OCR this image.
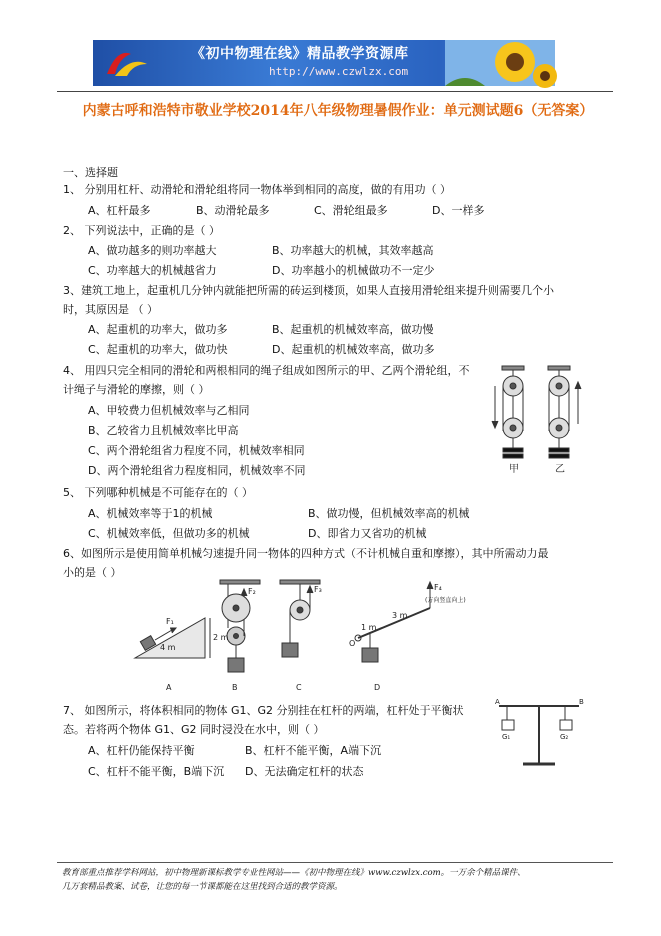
《初中物理在线》精品教学资源库
http://www.czwlzx.com
内蒙古呼和浩特市敬业学校2014年八年级物理暑假作业：单元测试题6（无答案）
一、选择题
1、 分别用杠杆、动滑轮和滑轮组将同一物体举到相同的高度，做的有用功（ ）
A、杠杆最多	B、动滑轮最多	C、滑轮组最多	D、一样多
2、 下列说法中，正确的是（ ）
A、做功越多的则功率越大	B、功率越大的机械，其效率越高
C、功率越大的机械越省力	D、功率越小的机械做功不一定少
3、建筑工地上，起重机几分钟内就能把所需的砖运到楼顶，如果人直接用滑轮组来提升则需要几个小
时，其原因是 （ ）
A、起重机的功率大，做功多	B、起重机的机械效率高，做功慢
C、起重机的功率大，做功快	D、起重机的机械效率高，做功多
4、 用四只完全相同的滑轮和两根相同的绳子组成如图所示的甲、乙两个滑轮组，不
计绳子与滑轮的摩擦，则（ ）
A、甲较费力但机械效率与乙相同
B、乙较省力且机械效率比甲高
C、两个滑轮组省力程度不同，机械效率相同
D、两个滑轮组省力程度相同，机械效率不同	甲	乙
5、 下列哪种机械是不可能存在的（ ）
A、机械效率等于1的机械	B、做功慢，但机械效率高的机械
C、机械效率低，但做功多的机械	D、即省力又省功的机械
6、如图所示是使用简单机械匀速提升同一物体的四种方式（不计机械自重和摩擦），其中所需动力最
小的是（ ）
F₁
4 m
2 m
F₂	F₃
1 m
3 m
O
F₄
(方向竖直向上)
A	B	C	D
7、 如图所示，将体积相同的物体 G1、G2 分别挂在杠杆的两端，杠杆处于平衡状
态。若将两个物体 G1、G2 同时浸没在水中，则（ ）
A、杠杆仍能保持平衡	B、杠杆不能平衡，A端下沉
C、杠杆不能平衡，B端下沉 D、无法确定杠杆的状态
A	B
G₁	G₂
教育部重点推荐学科网站，初中物理新课标教学专业性网站——《初中物理在线》www.czwlzx.com。一万余个精品课件、
几万套精品教案、试卷，让您的每一节课都能在这里找到合适的教学资源。
